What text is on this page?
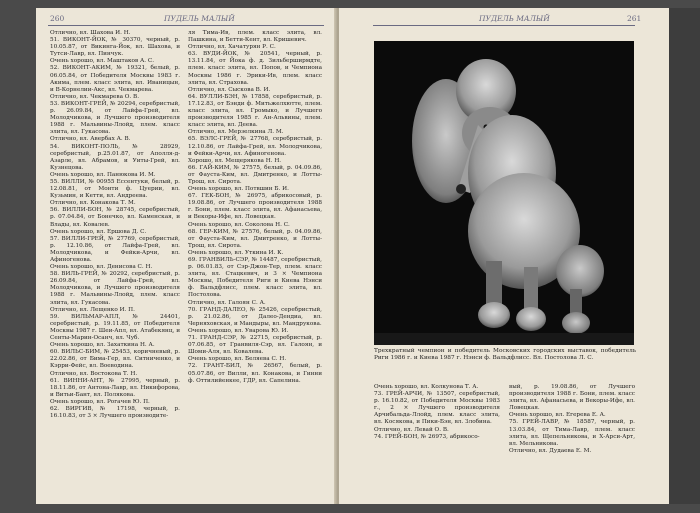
260	ПУДЕЛЬ МАЛЫЙ

Отлично, вл. Шахова И. Н.

51. ВИКОНТ-ЙОК, № 30370, черный, р. 10.05.87, от Викинга-Йок, вл. Шахова, и Тутси-Лавр, вл. Пинчук.

Очень хорошо, вл. Маштаков А. С.

52. ВИКОНТ-АКИМ, № 19321, белый, р. 06.05.84, от Победителя Москвы 1983 г. Акима, плем. класс элита, вл. Иваницын, и В-Корнелии-Акс, вл. Чекмарева.

Отлично, вл. Чекмарева О. В.

53. ВИКОНТ-ГРЕЙ, № 20294, серебристый, р. 26.09.84, от Лайфа-Грей, вл. Молодчикова, и Лучшего производителя 1988 г. Мальвины-Ллойд, плем. класс элита, вл. Гукасова.

Отлично, вл. Авербах А. В.

54. ВИКОНТ-ПОЛЬ, № 28929, серебристый, р.25.01.87, от Аполля-д-Азарле, вл. Абрамов, и Уиты-Грей, вл. Кузнецова.

Очень хорошо, вл. Панюкова И. М.

55. ВИЛЛИ, № 00955 Ессентуки, белый, р. 12.08.81, от Монти ф. Цуерии, вл. Кузьмин, и Кетти, вл. Андреева.

Отлично, вл. Конакова Т. М.

56. ВИЛЛИ-БОН, № 28745, серебристый, р. 07.04.84, от Бонечко, вл. Каменская, и Влады, вл. Ковалев.

Очень хорошо, вл. Ершова Д. С.

57. ВИЛЛИ-ГРЕЙ, № 27769, серебристый, р. 12.10.86, от Лайфа-Грей, вл. Молодчикова, и Фейки-Арчи, вл. Афиногенова.

Очень хорошо, вл. Денисова С. Н.

58. ВИЛЬ-ГРЕЙ, № 20292, серебристый, р. 26.09.84, от Лайфа-Грей, вл. Молодчикова, и Лучшего производителя 1988 г. Мальвины-Ллойд, плем. класс элита, вл. Гукасова.

Отлично, вл. Лещенко И. П.

59. ВИЛЬМАР-АПЛ, № 24401, серебристый, р. 19.11.85, от Победителя Москвы 1987 г. Шеи-Апл, вл. Атабекянц, и Сенты-Марин-Осанч, вл. Чуб.

Очень хорошо, вл. Захаткина Н. А.

60. ВИЛЬС-БИМ, № 25453, коричневый, р. 22.02.86, от Бима-Гер, вл. Ситниченко, и Кэрри-Фейс, вл. Воеводина.

Отлично, вл. Востокова Т. Н.

61. ВИННИ-АНТ, № 27995, черный, р. 18.11.86, от Антона-Лавр, вл. Никифорова, и Витьи-Бант, вл. Полякова.

Очень хорошо, вл. Рогачев Ю. П.

62. ВИРГИВ, № 17198, черный, р. 16.10.83, от 3 × Лучшего производите-

ля Тима-Ив, плем. класс элита, вл. Пашкина, и Бетти-Кент, вл. Кришевич.

Отлично, вл. Хачатурян Р. С.

63. ВУДИ-ЙОК, № 20541, черный, р. 13.11.84, от Йока ф. д. Зильберширмдте, плем. класс элита, вл. Попов, и Чемпиона Москвы 1986 г. Эрики-Ив, плем. класс элита, вл. Страхова.

Отлично, вл. Сыскова В. И.

64. ВУЛЛИ-БЭН, № 17858, серебристый, р. 17.12.83, от Бэнди ф. Митьжелхютте, плем. класс элита, вл. Громыко, и Лучшего производителя 1985 г. Ан-Альвины, плем. класс элита, вл. Деева.

Отлично, вл. Мерзелкина Л. М.

65. ВЭЛС-ГРЕЙ, № 27768, серебристый, р. 12.10.86, от Лайфа-Грей, вл. Молодчикова, и Фейки-Арчи, вл. Афиногенова.

Хорошо, вл. Мещерякова Н. Н.

66. ГАЙ-КИМ, № 27575, белый, р. 04.09.86, от Фауста-Ким, вл. Дмитренко, и Лотты-Трош, вл. Сирота.

Очень хорошо, вл. Потвшин Б. И.

67. ГЕК-БОН, № 26975, абрикосовый, р. 19.08.86, от Лучшего производителя 1988 г. Бони, плем. класс элита, вл. Афанасьева, и Векоры-Ифе, вл. Ловецкая.

Очень хорошо, вл. Соколова Н. С.

68. ГЕР-КИМ, № 27576, белый, р. 04.09.86, от Фауста-Ким, вл. Дмитренко, и Лотты-Трош, вл. Сирота.

Очень хорошо, вл. Уткина И. К.

69. ГРАНВИЛЬ-СЭР, № 14487, серебристый, р. 06.01.83, от Сэр-Джон-Тер, плем. класс элита, вл. Стацкевич, и 3 × Чемпиона Москвы, Победителя Риги и Киева Нэнси ф. Вальдфлисс, плем. класс элита, вл. Постолова.

Отлично, вл. Галоян С. А.

70. ГРАНД-ДАЛЕО, № 25426, серебристый, р. 21.02.86, от Далео-Дендиа, вл. Черняховская, и Мандыры, вл. Мандрукова.

Очень хорошо, вл. Уварова Ю. И.

71. ГРАНД-СЭР, № 22715, серебристый, р. 07.06.85, от Гранвиля-Сэр, вл. Галоян, и Шоми-Аля, вл. Ковалева.

Очень хорошо, вл. Беляева С. Н.

72. ГРАНТ-БИЛ, № 26567, белый, р. 05.07.86, от Вилли, вл. Конакова, и Гинни ф. Оттилийенкее, ГДР, вл. Сапелина.

ПУДЕЛЬ МАЛЫЙ	261
Трехкратный чемпион и победитель Московских городских выставок, победитель Риги 1986 г. и Киева 1987 г. Нэнси ф. Вальдфлисс. Вл. Постолова Л. С.

Очень хорошо, вл. Колкунова Т. А.

73. ГРЕЙ-АРЧИ, № 13507, серебристый, р. 16.10.82, от Победителя Москвы 1983 г., 2 × Лучшего производителя Арчибальда-Ллойд, плем. класс элита, вл. Косякова, и Пики-Бэн, вл. Злобина.

Отлично, вл. Левай О. В.

74. ГРЕЙ-БОН, № 26973, абрикосо-

вый, р. 19.08.86, от Лучшего производителя 1988 г. Бони, плем. класс элита, вл. Афанасьева, и Векоры-Ифе, вл. Ловецкая.

Очень хорошо, вл. Егерева Е. А.

75. ГРЕЙ-ЛАВР, № 18587, черный, р. 13.03.84, от Тима-Лавр, плем. класс элита, вл. Щепельникова, и Х-Арси-Арт, вл. Мельникова.

Отлично, вл. Дудаева Е. М.
